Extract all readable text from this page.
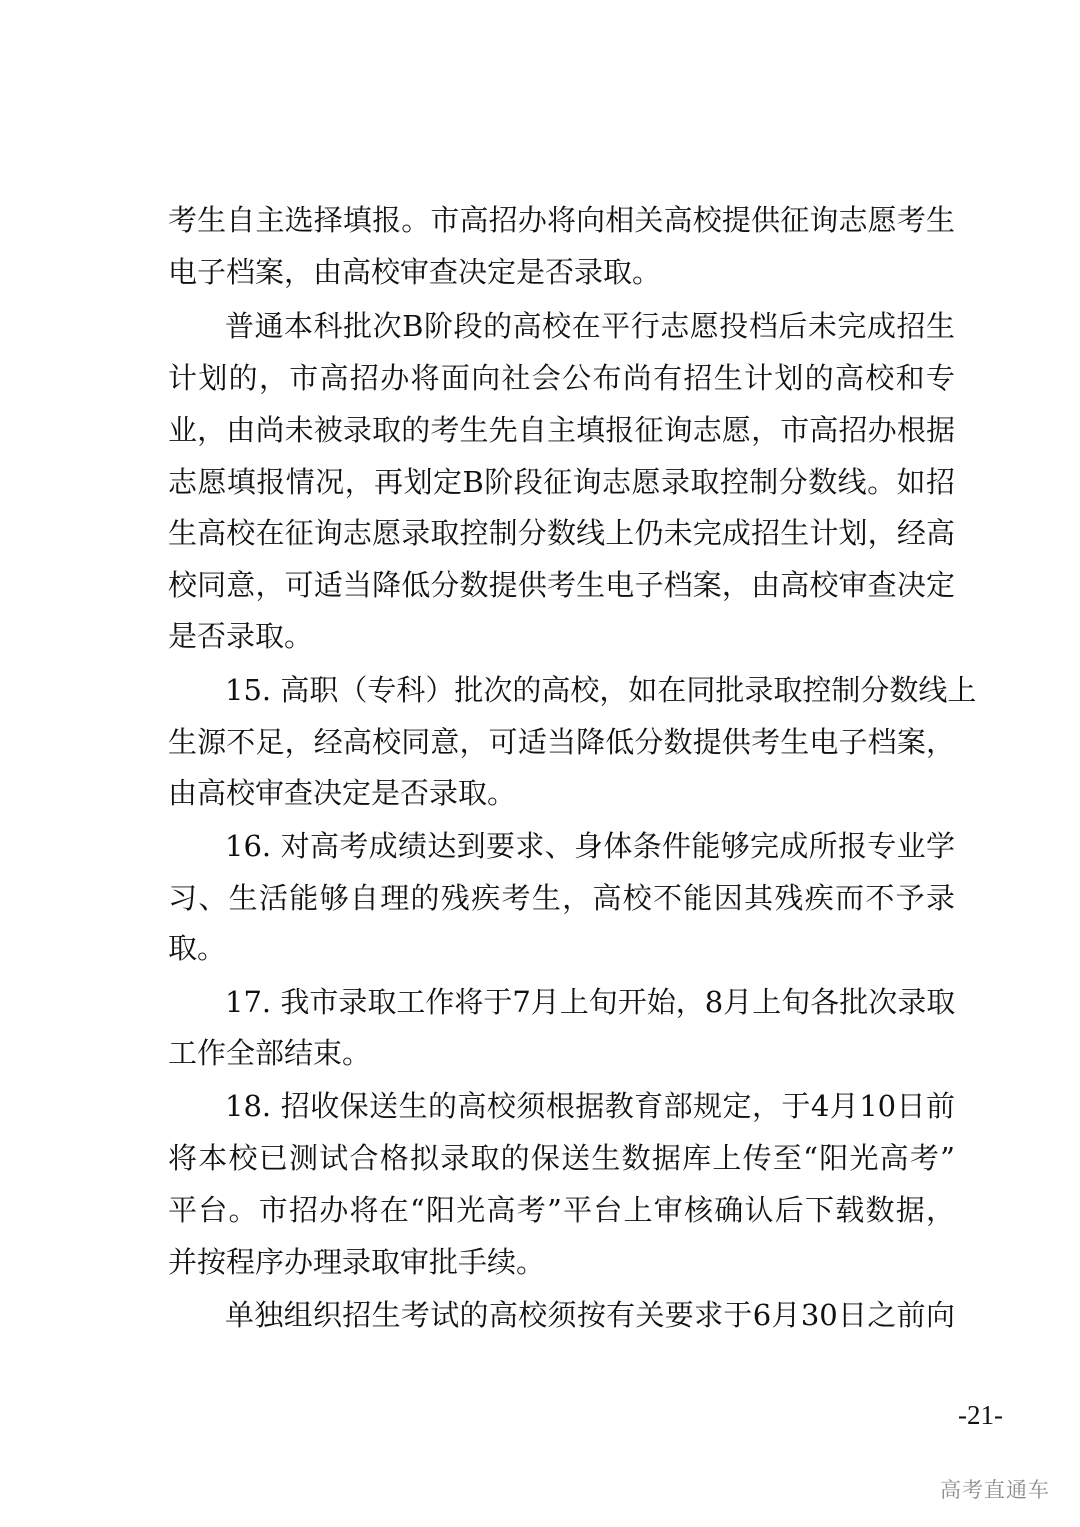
考生自主选择填报。市高招办将向相关高校提供征询志愿考生
电子档案，由高校审查决定是否录取。
普通本科批次B阶段的高校在平行志愿投档后未完成招生
计划的，市高招办将面向社会公布尚有招生计划的高校和专
业，由尚未被录取的考生先自主填报征询志愿，市高招办根据
志愿填报情况，再划定B阶段征询志愿录取控制分数线。如招
生高校在征询志愿录取控制分数线上仍未完成招生计划，经高
校同意，可适当降低分数提供考生电子档案，由高校审查决定
是否录取。
15. 高职（专科）批次的高校，如在同批录取控制分数线上
生源不足，经高校同意，可适当降低分数提供考生电子档案，
由高校审查决定是否录取。
16. 对高考成绩达到要求、身体条件能够完成所报专业学
习、生活能够自理的残疾考生，高校不能因其残疾而不予录
取。
17. 我市录取工作将于7月上旬开始，8月上旬各批次录取
工作全部结束。
18. 招收保送生的高校须根据教育部规定，于4月10日前
将本校已测试合格拟录取的保送生数据库上传至“阳光高考”
平台。市招办将在“阳光高考”平台上审核确认后下载数据，
并按程序办理录取审批手续。
单独组织招生考试的高校须按有关要求于6月30日之前向
-21-
高考直通车
